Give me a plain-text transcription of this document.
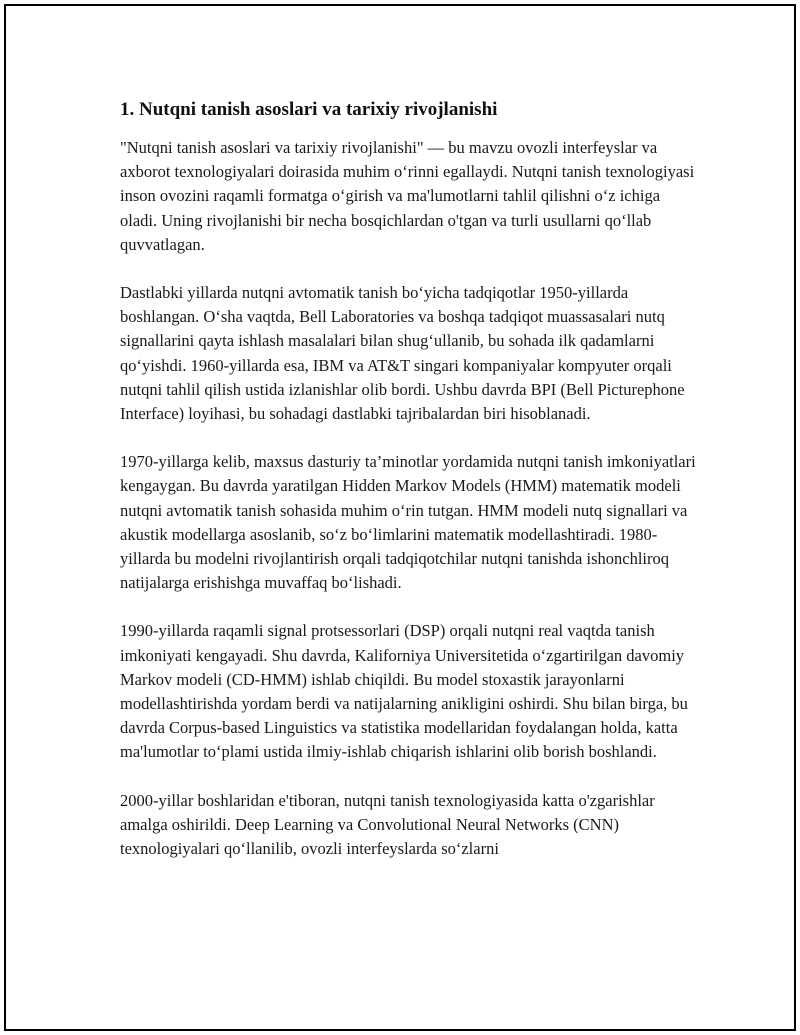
1. Nutqni tanish asoslari va tarixiy rivojlanishi

"Nutqni tanish asoslari va tarixiy rivojlanishi" — bu mavzu ovozli interfeyslar va axborot texnologiyalari doirasida muhim o‘rinni egallaydi. Nutqni tanish texnologiyasi inson ovozini raqamli formatga o‘girish va ma'lumotlarni tahlil qilishni o‘z ichiga oladi. Uning rivojlanishi bir necha bosqichlardan o'tgan va turli usullarni qo‘llab quvvatlagan.

Dastlabki yillarda nutqni avtomatik tanish bo‘yicha tadqiqotlar 1950-yillarda boshlangan. O‘sha vaqtda, Bell Laboratories va boshqa tadqiqot muassasalari nutq signallarini qayta ishlash masalalari bilan shug‘ullanib, bu sohada ilk qadamlarni qo‘yishdi. 1960-yillarda esa, IBM va AT&T singari kompaniyalar kompyuter orqali nutqni tahlil qilish ustida izlanishlar olib bordi. Ushbu davrda BPI (Bell Picturephone Interface) loyihasi, bu sohadagi dastlabki tajribalardan biri hisoblanadi.

1970-yillarga kelib, maxsus dasturiy ta’minotlar yordamida nutqni tanish imkoniyatlari kengaygan. Bu davrda yaratilgan Hidden Markov Models (HMM) matematik modeli nutqni avtomatik tanish sohasida muhim o‘rin tutgan. HMM modeli nutq signallari va akustik modellarga asoslanib, so‘z bo‘limlarini matematik modellashtiradi. 1980-yillarda bu modelni rivojlantirish orqali tadqiqotchilar nutqni tanishda ishonchliroq natijalarga erishishga muvaffaq bo‘lishadi.

1990-yillarda raqamli signal protsessorlari (DSP) orqali nutqni real vaqtda tanish imkoniyati kengayadi. Shu davrda, Kaliforniya Universitetida o‘zgartirilgan davomiy Markov modeli (CD-HMM) ishlab chiqildi. Bu model stoxastik jarayonlarni modellashtirishda yordam berdi va natijalarning anikligini oshirdi. Shu bilan birga, bu davrda Corpus-based Linguistics va statistika modellaridan foydalangan holda, katta ma'lumotlar to‘plami ustida ilmiy-ishlab chiqarish ishlarini olib borish boshlandi.

2000-yillar boshlaridan e'tiboran, nutqni tanish texnologiyasida katta o'zgarishlar amalga oshirildi. Deep Learning va Convolutional Neural Networks (CNN) texnologiyalari qo‘llanilib, ovozli interfeyslarda so‘zlarni
